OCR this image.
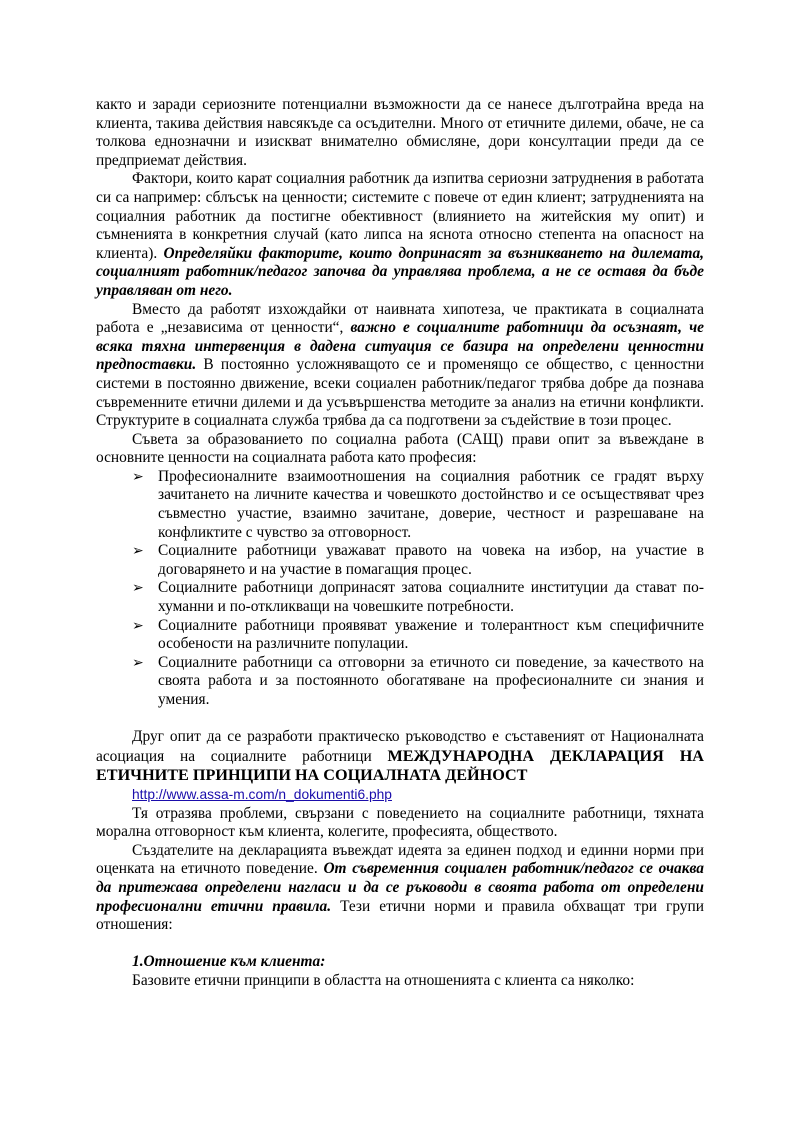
както и заради сериозните потенциални възможности да се нанесе дълготрайна вреда на клиента, такива действия навсякъде са осъдителни. Много от етичните дилеми, обаче, не са толкова еднозначни и изискват внимателно обмисляне, дори консултации преди да се предприемат действия.

Фактори, които карат социалния работник да изпитва сериозни затруднения в работата си са например: сблъсък на ценности; системите с повече от един клиент; затрудненията на социалния работник да постигне обективност (влиянието на житейския му опит) и съмненията в конкретния случай (като липса на яснота относно степента на опасност на клиента). Определяйки факторите, които допринасят за възникването на дилемата, социалният работник/педагог започва да управлява проблема, а не се оставя да бъде управляван от него.

Вместо да работят изхождайки от наивната хипотеза, че практиката в социалната работа е „независима от ценности“, важно е социалните работници да осъзнаят, че всяка тяхна интервенция в дадена ситуация се базира на определени ценностни предпоставки. В постоянно усложняващото се и променящо се общество, с ценностни системи в постоянно движение, всеки социален работник/педагог трябва добре да познава съвременните етични дилеми и да усъвършенства методите за анализ на етични конфликти. Структурите в социалната служба трябва да са подготвени за съдействие в този процес.

Съвета за образованието по социална работа (САЩ) прави опит за въвеждане в основните ценности на социалната работа като професия:

➢ Професионалните взаимоотношения на социалния работник се градят върху зачитането на личните качества и човешкото достойнство и се осъществяват чрез съвместно участие, взаимно зачитане, доверие, честност и разрешаване на конфликтите с чувство за отговорност.
➢ Социалните работници уважават правото на човека на избор, на участие в договарянето и на участие в помагащия процес.
➢ Социалните работници допринасят затова социалните институции да стават по-хуманни и по-откликващи на човешките потребности.
➢ Социалните работници проявяват уважение и толерантност към специфичните особености на различните популации.
➢ Социалните работници са отговорни за етичното си поведение, за качеството на своята работа и за постоянното обогатяване на професионалните си знания и умения.

Друг опит да се разработи практическо ръководство е съставеният от Националната асоциация на социалните работници МЕЖДУНАРОДНА ДЕКЛАРАЦИЯ НА ЕТИЧНИТЕ ПРИНЦИПИ НА СОЦИАЛНАТА ДЕЙНОСТ

http://www.assa-m.com/n_dokumenti6.php

Тя отразява проблеми, свързани с поведението на социалните работници, тяхната морална отговорност към клиента, колегите, професията, обществото.

Създателите на декларацията въвеждат идеята за единен подход и единни норми при оценката на етичното поведение. От съвременния социален работник/педагог се очаква да притежава определени нагласи и да се ръководи в своята работа от определени професионални етични правила. Тези етични норми и правила обхващат три групи отношения:

1.Отношение към клиента:

Базовите етични принципи в областта на отношенията с клиента са няколко:
